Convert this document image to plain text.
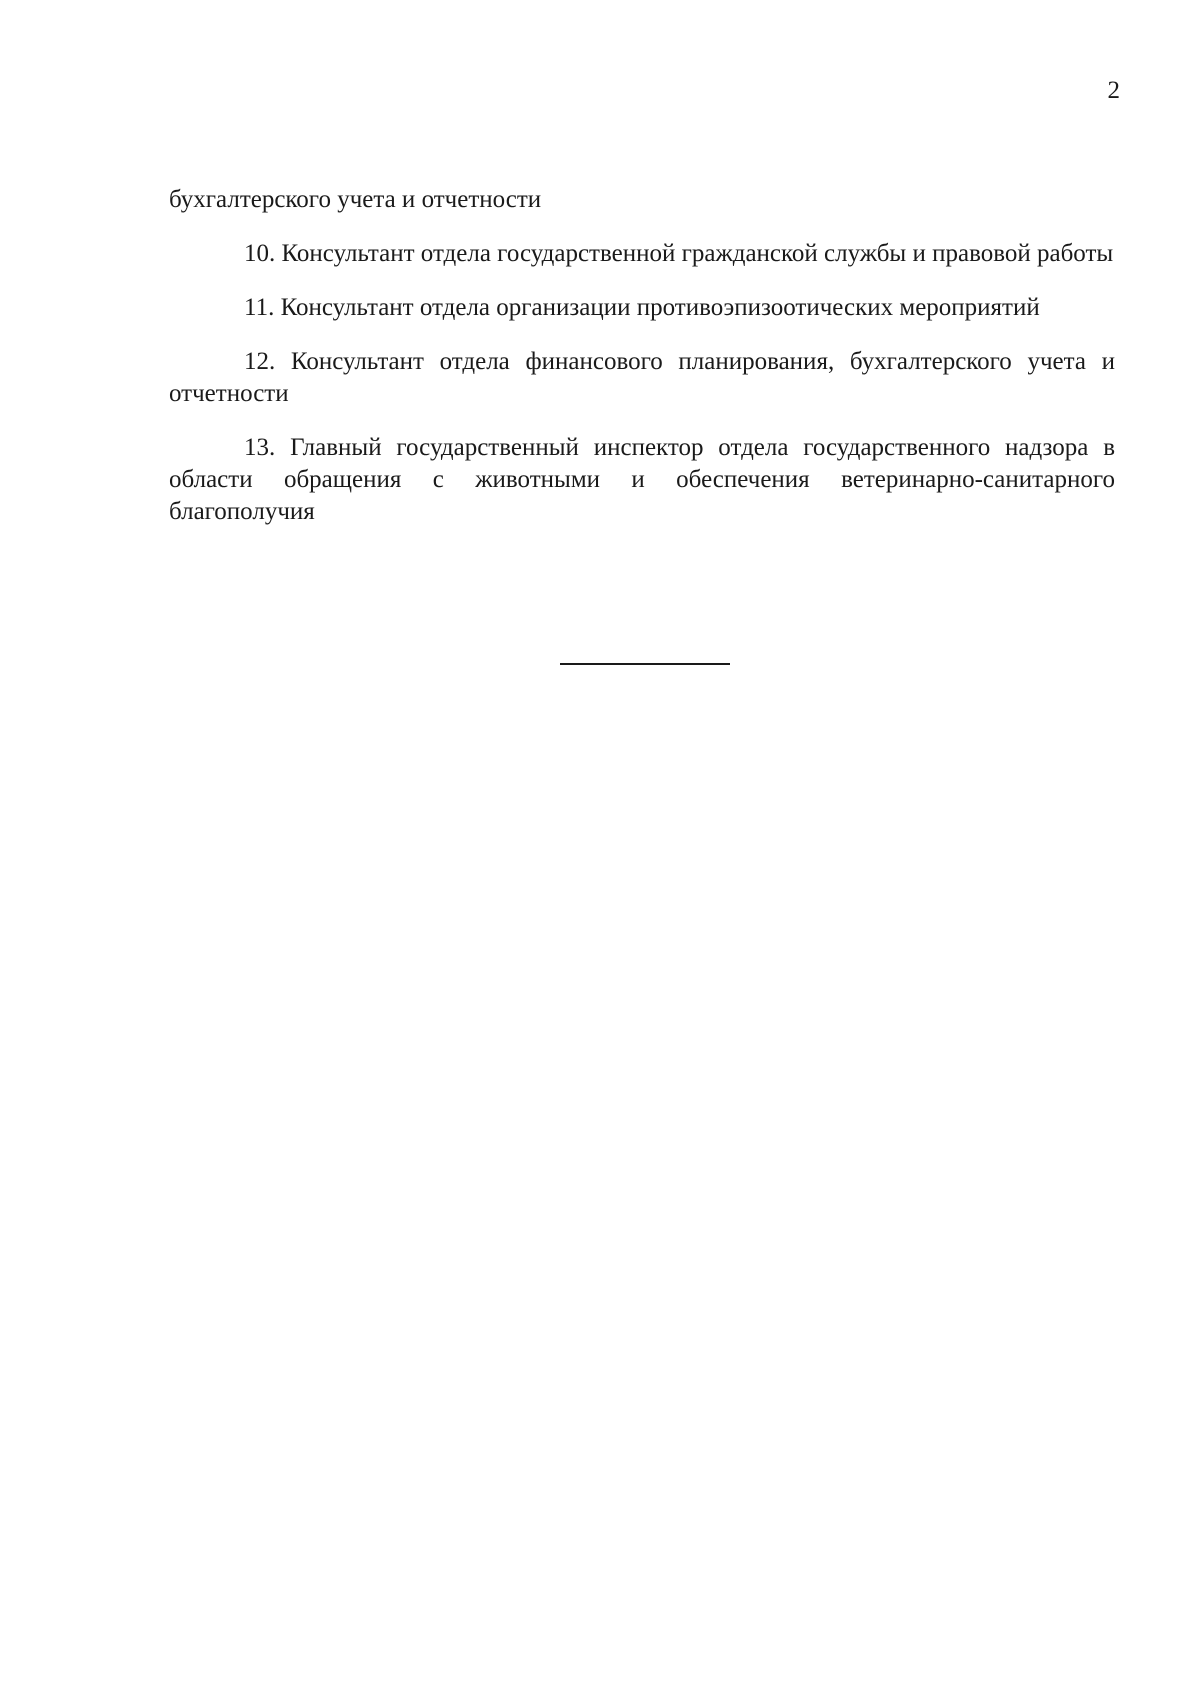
2

бухгалтерского учета и отчетности

10. Консультант отдела государственной гражданской службы и правовой работы

11. Консультант отдела организации противоэпизоотических мероприятий

12. Консультант отдела финансового планирования, бухгалтерского учета и отчетности

13. Главный государственный инспектор отдела государственного надзора в области обращения с животными и обеспечения ветеринарно-санитарного благополучия
